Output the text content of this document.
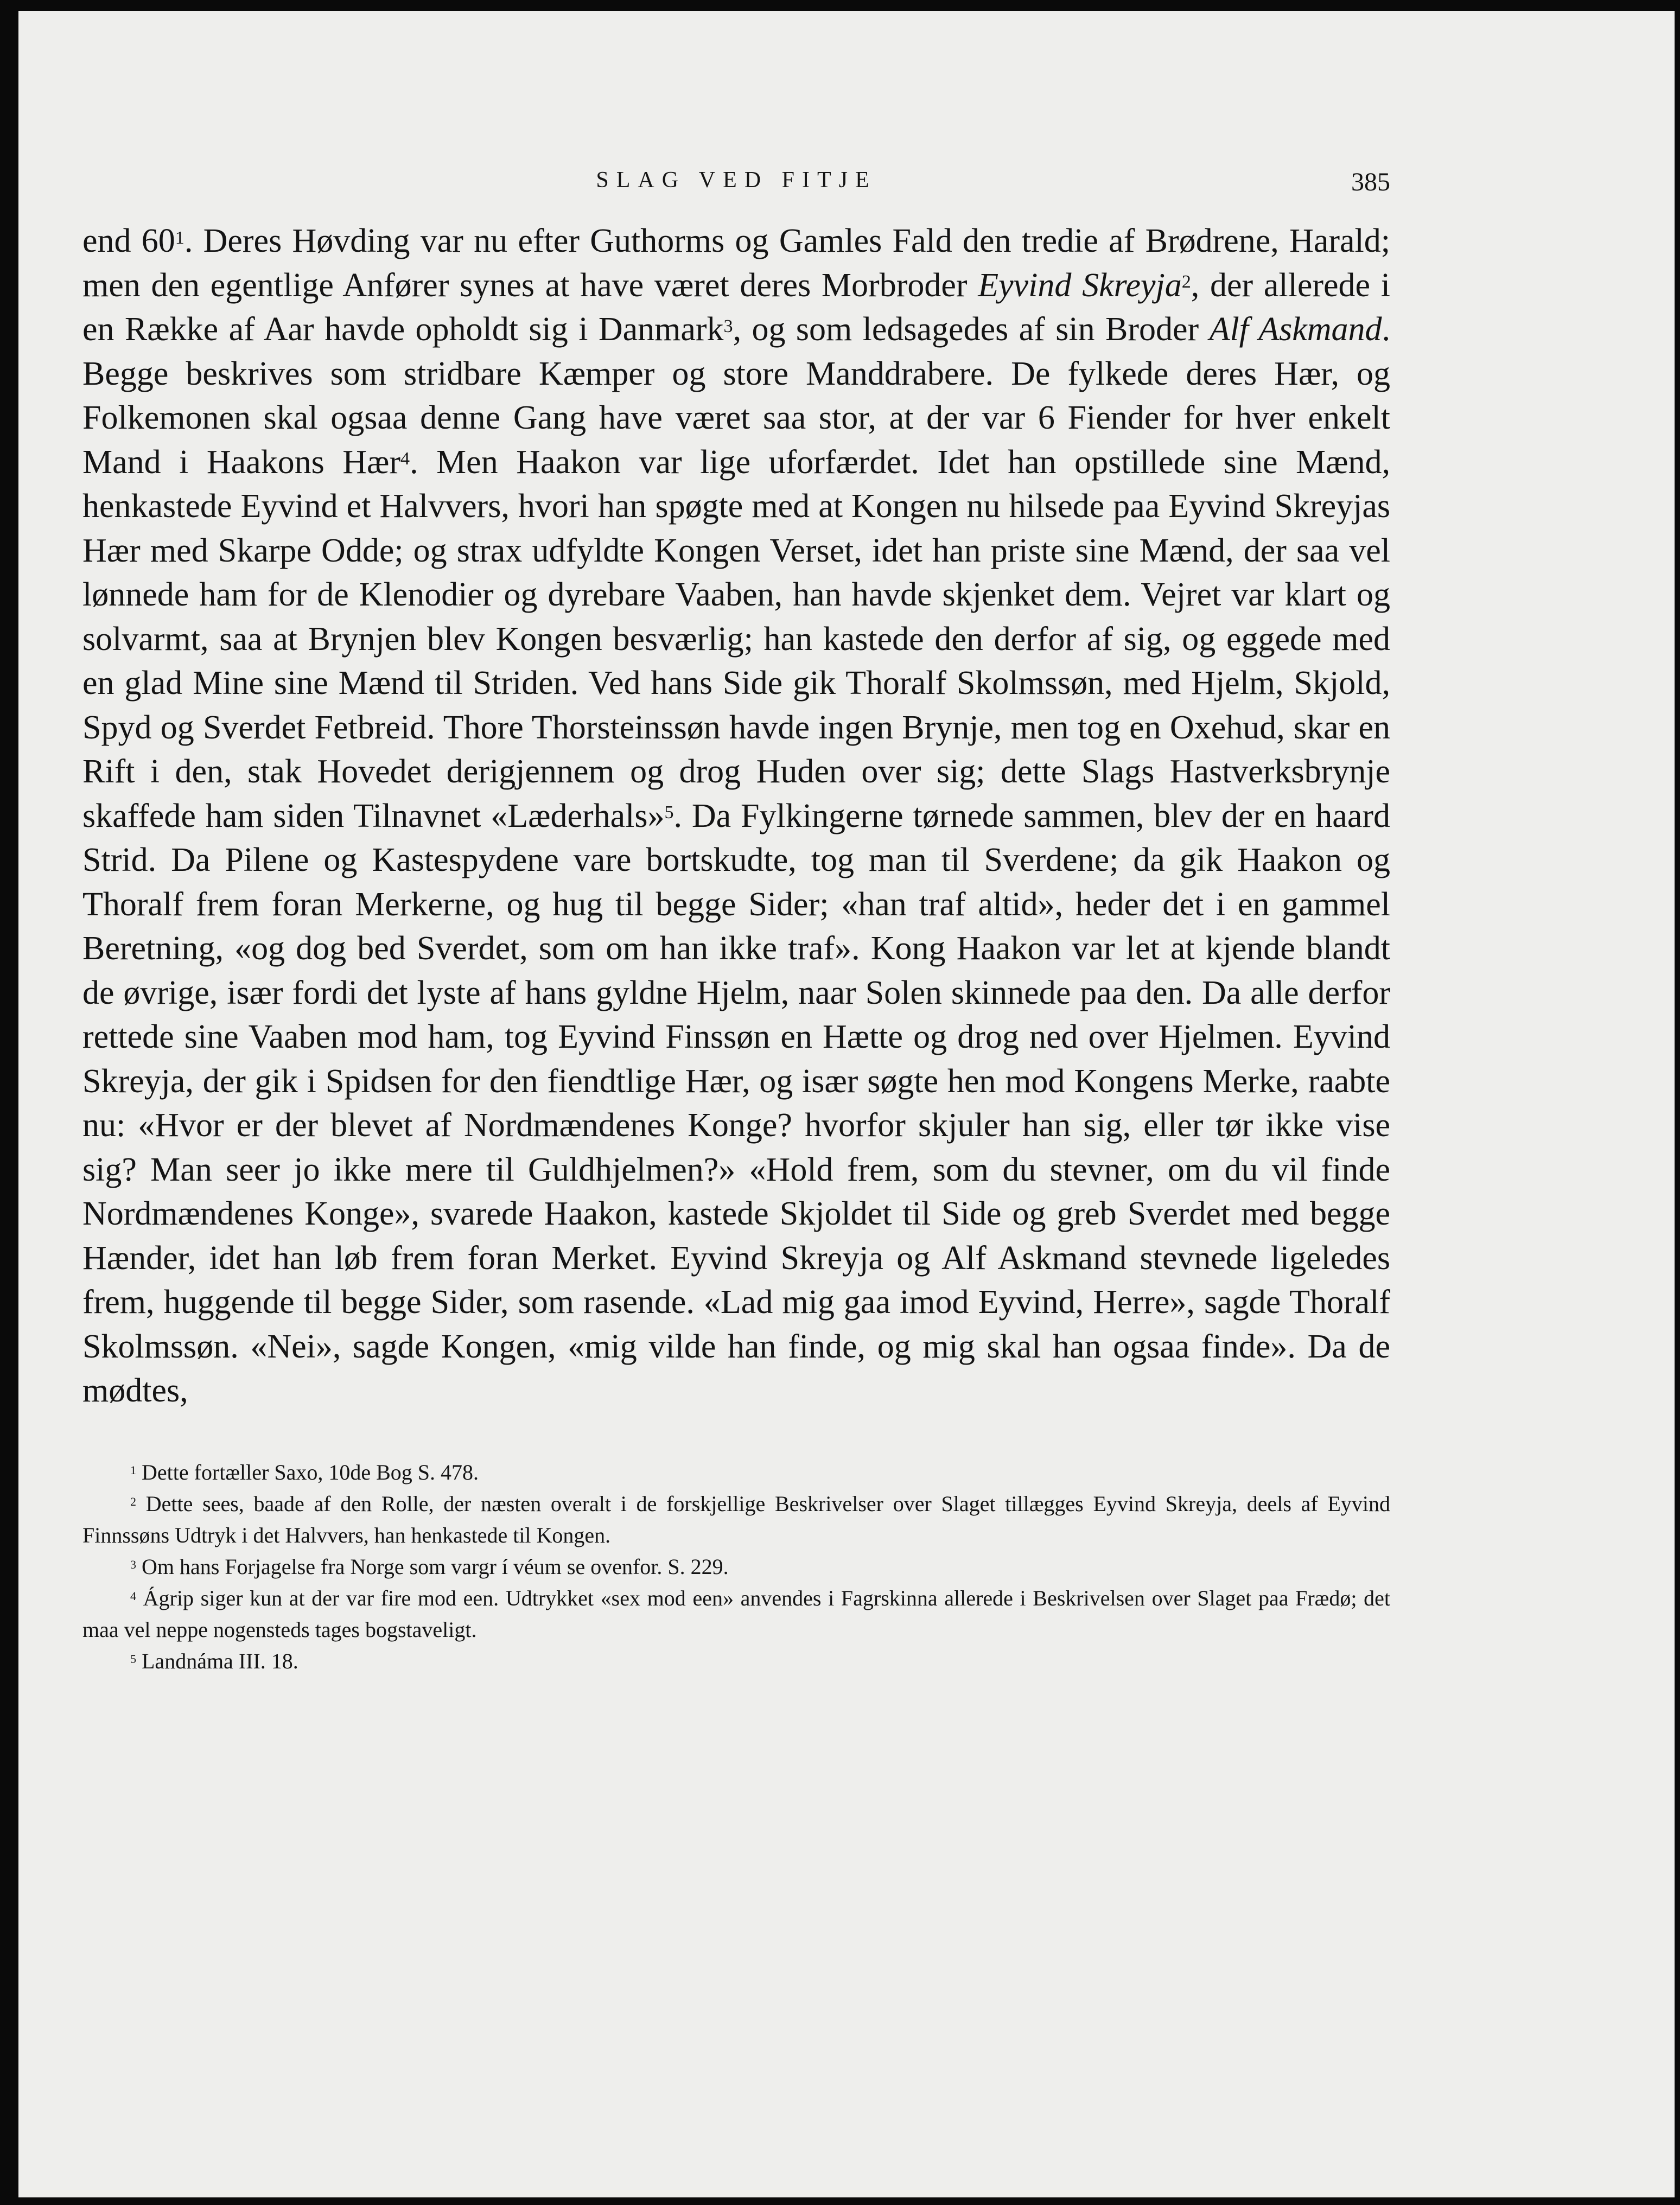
SLAG VED FITJE	385

end $60^1$. Deres Høvding var nu efter Guthorms og Gamles Fald den tredie af Brødrene, Harald; men den egentlige Anfører synes at have været deres Morbroder Eyvind Skreyja$^2$, der allerede i en Række af Aar havde opholdt sig i Danmark$^3$, og som ledsagedes af sin Broder Alf Askmand. Begge beskrives som stridbare Kæmper og store Manddrabere. De fylkede deres Hær, og Folkemonen skal ogsaa denne Gang have været saa stor, at der var 6 Fiender for hver enkelt Mand i Haakons Hær$^4$. Men Haakon var lige uforfærdet. Idet han opstillede sine Mænd, henkastede Eyvind et Halvvers, hvori han spøgte med at Kongen nu hilsede paa Eyvind Skreyjas Hær med Skarpe Odde; og strax udfyldte Kongen Verset, idet han priste sine Mænd, der saa vel lønnede ham for de Klenodier og dyrebare Vaaben, han havde skjenket dem. Vejret var klart og solvarmt, saa at Brynjen blev Kongen besværlig; han kastede den derfor af sig, og eggede med en glad Mine sine Mænd til Striden. Ved hans Side gik Thoralf Skolmssøn, med Hjelm, Skjold, Spyd og Sverdet Fetbreid. Thore Thorsteinssøn havde ingen Brynje, men tog en Oxehud, skar en Rift i den, stak Hovedet derigjennem og drog Huden over sig; dette Slags Hastverksbrynje skaffede ham siden Tilnavnet «Læderhals»$^5$. Da Fylkingerne tørnede sammen, blev der en haard Strid. Da Pilene og Kastespydene vare bortskudte, tog man til Sverdene; da gik Haakon og Thoralf frem foran Merkerne, og hug til begge Sider; «han traf altid», heder det i en gammel Beretning, «og dog bed Sverdet, som om han ikke traf». Kong Haakon var let at kjende blandt de øvrige, især fordi det lyste af hans gyldne Hjelm, naar Solen skinnede paa den. Da alle derfor rettede sine Vaaben mod ham, tog Eyvind Finssøn en Hætte og drog ned over Hjelmen. Eyvind Skreyja, der gik i Spidsen for den fiendtlige Hær, og især søgte hen mod Kongens Merke, raabte nu: «Hvor er der blevet af Nordmændenes Konge? hvorfor skjuler han sig, eller tør ikke vise sig? Man seer jo ikke mere til Guldhjelmen?» «Hold frem, som du stevner, om du vil finde Nordmændenes Konge», svarede Haakon, kastede Skjoldet til Side og greb Sverdet med begge Hænder, idet han løb frem foran Merket. Eyvind Skreyja og Alf Askmand stevnede ligeledes frem, huggende til begge Sider, som rasende. «Lad mig gaa imod Eyvind, Herre», sagde Thoralf Skolmssøn. «Nei», sagde Kongen, «mig vilde han finde, og mig skal han ogsaa finde». Da de mødtes,

$^1$ Dette fortæller Saxo, 10de Bog S. 478.

$^2$ Dette sees, baade af den Rolle, der næsten overalt i de forskjellige Beskrivelser over Slaget tillægges Eyvind Skreyja, deels af Eyvind Finnssøns Udtryk i det Halvvers, han henkastede til Kongen.

$^3$ Om hans Forjagelse fra Norge som vargr í véum se ovenfor. S. 229.

$^4$ Ágrip siger kun at der var fire mod een. Udtrykket «sex mod een» anvendes i Fagrskinna allerede i Beskrivelsen over Slaget paa Frædø; det maa vel neppe nogensteds tages bogstaveligt.

$^5$ Landnáma III. 18.
